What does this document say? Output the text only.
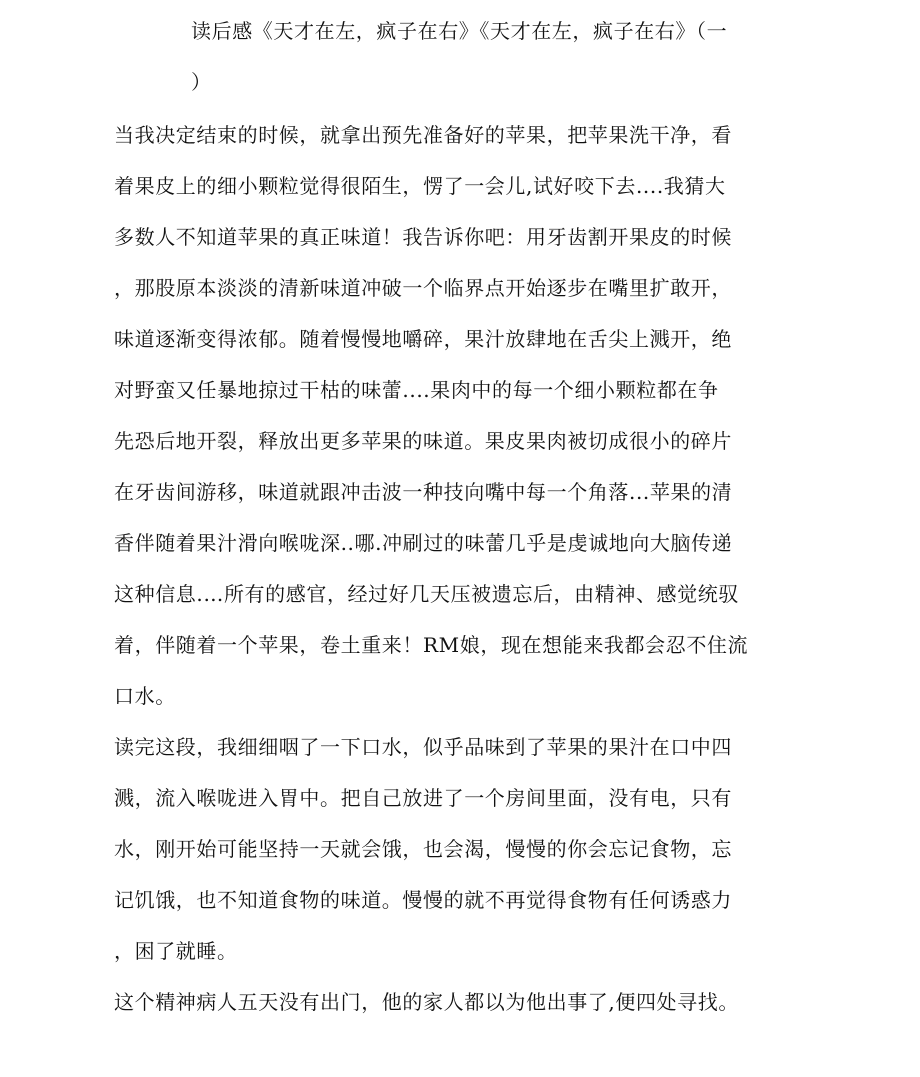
读后感《天才在左，疯子在右》《天才在左，疯子在右》（一
）
当我决定结束的时候，就拿出预先准备好的苹果，把苹果洗干净，看
着果皮上的细小颗粒觉得很陌生，愣了一会儿,试好咬下去....我猜大
多数人不知道苹果的真正味道！我告诉你吧：用牙齿割开果皮的时候
，那股原本淡淡的清新味道冲破一个临界点开始逐步在嘴里扩敢开，
味道逐渐变得浓郁。随着慢慢地嚼碎，果汁放肆地在舌尖上溅开，绝
对野蛮又任暴地掠过干枯的味蕾....果肉中的每一个细小颗粒都在争
先恐后地开裂，释放出更多苹果的味道。果皮果肉被切成很小的碎片
在牙齿间游移，味道就跟冲击波一种技向嘴中每一个角落...苹果的清
香伴随着果汁滑向喉咙深..哪.冲刷过的味蕾几乎是虔诚地向大脑传递
这种信息.…所有的感官，经过好几天压被遗忘后，由精神、感觉统驭
着，伴随着一个苹果，卷土重来！RM娘，现在想能来我都会忍不住流
口水。
读完这段，我细细咽了一下口水，似乎品味到了苹果的果汁在口中四
溅，流入喉咙进入胃中。把自己放进了一个房间里面，没有电，只有
水，刚开始可能坚持一天就会饿，也会渴，慢慢的你会忘记食物，忘
记饥饿，也不知道食物的味道。慢慢的就不再觉得食物有任何诱惑力
，困了就睡。
这个精神病人五天没有出门，他的家人都以为他出事了,便四处寻找。
